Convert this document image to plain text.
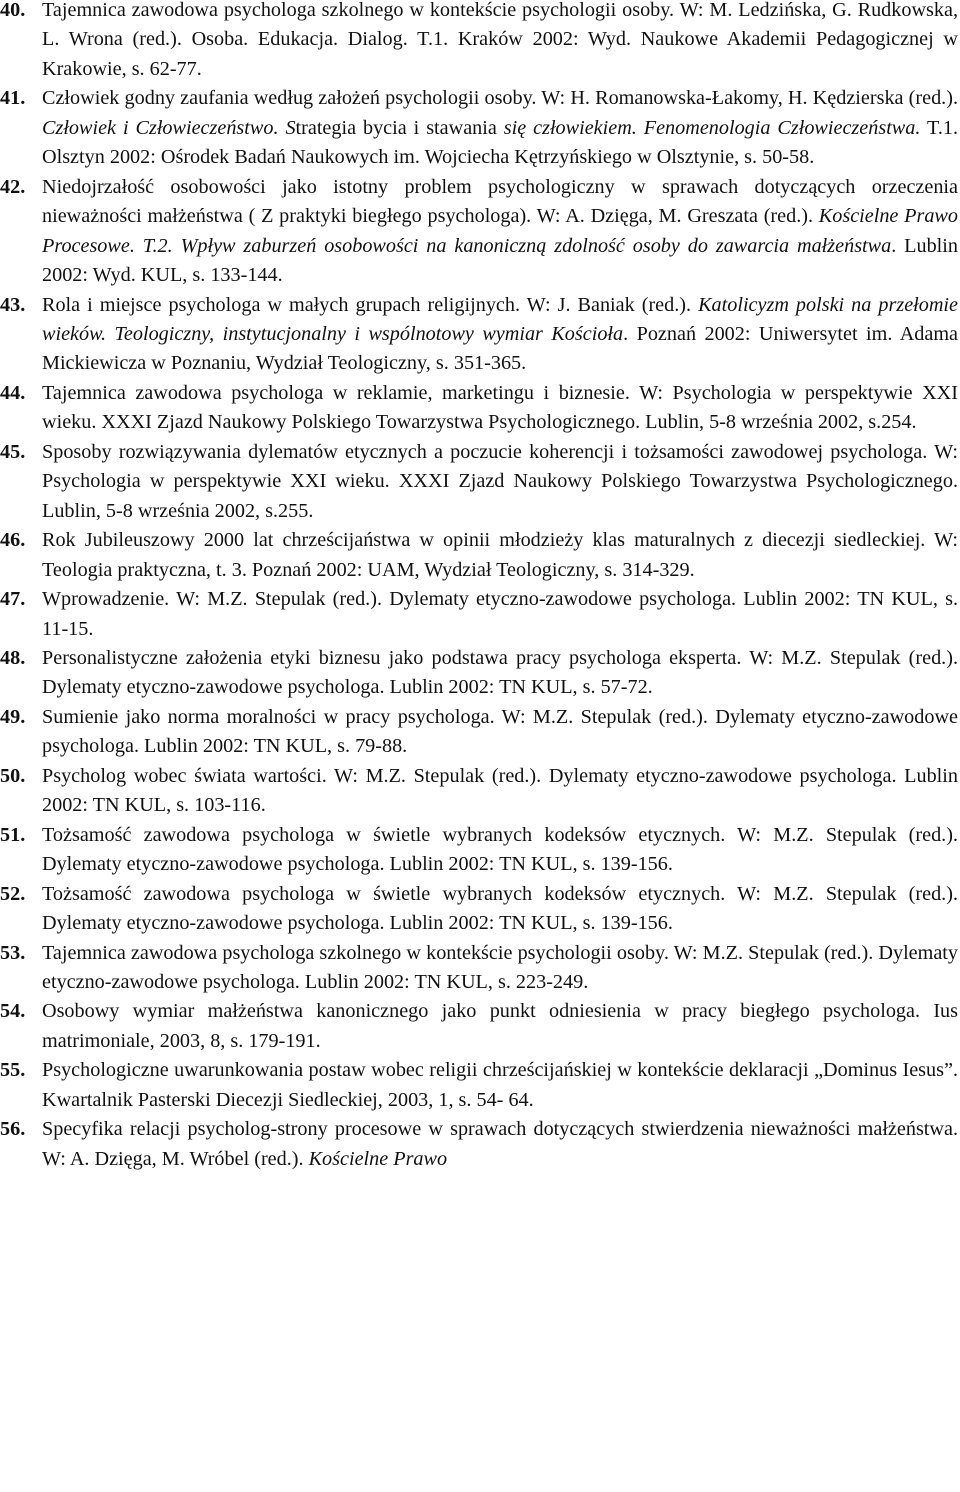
40. Tajemnica zawodowa psychologa szkolnego w kontekście psychologii osoby. W: M. Ledzińska, G. Rudkowska, L. Wrona (red.). Osoba. Edukacja. Dialog. T.1. Kraków 2002: Wyd. Naukowe Akademii Pedagogicznej w Krakowie, s. 62-77.

41. Człowiek godny zaufania według założeń psychologii osoby. W: H. Romanowska-Łakomy, H. Kędzierska (red.). Człowiek i Człowieczeństwo. Strategia bycia i stawania się człowiekiem. Fenomenologia Człowieczeństwa. T.1. Olsztyn 2002: Ośrodek Badań Naukowych im. Wojciecha Kętrzyńskiego w Olsztynie, s. 50-58.

42. Niedojrzałość osobowości jako istotny problem psychologiczny w sprawach dotyczących orzeczenia nieważności małżeństwa ( Z praktyki biegłego psychologa). W: A. Dzięga, M. Greszata (red.). Kościelne Prawo Procesowe. T.2. Wpływ zaburzeń osobowości na kanoniczną zdolność osoby do zawarcia małżeństwa. Lublin 2002: Wyd. KUL, s. 133-144.

43. Rola i miejsce psychologa w małych grupach religijnych. W: J. Baniak (red.). Katolicyzm polski na przełomie wieków. Teologiczny, instytucjonalny i wspólnotowy wymiar Kościoła. Poznań 2002: Uniwersytet im. Adama Mickiewicza w Poznaniu, Wydział Teologiczny, s. 351-365.

44. Tajemnica zawodowa psychologa w reklamie, marketingu i biznesie. W: Psychologia w perspektywie XXI wieku. XXXI Zjazd Naukowy Polskiego Towarzystwa Psychologicznego. Lublin, 5-8 września 2002, s.254.

45. Sposoby rozwiązywania dylematów etycznych a poczucie koherencji i tożsamości zawodowej psychologa. W: Psychologia w perspektywie XXI wieku. XXXI Zjazd Naukowy Polskiego Towarzystwa Psychologicznego. Lublin, 5-8 września 2002, s.255.

46. Rok Jubileuszowy 2000 lat chrześcijaństwa w opinii młodzieży klas maturalnych z diecezji siedleckiej. W: Teologia praktyczna, t. 3. Poznań 2002: UAM, Wydział Teologiczny, s. 314-329.

47. Wprowadzenie. W: M.Z. Stepulak (red.). Dylematy etyczno-zawodowe psychologa. Lublin 2002: TN KUL, s. 11-15.

48. Personalistyczne założenia etyki biznesu jako podstawa pracy psychologa eksperta. W: M.Z. Stepulak (red.). Dylematy etyczno-zawodowe psychologa. Lublin 2002: TN KUL, s. 57-72.

49. Sumienie jako norma moralności w pracy psychologa. W: M.Z. Stepulak (red.). Dylematy etyczno-zawodowe psychologa. Lublin 2002: TN KUL, s. 79-88.

50. Psycholog wobec świata wartości. W: M.Z. Stepulak (red.). Dylematy etyczno-zawodowe psychologa. Lublin 2002: TN KUL, s. 103-116.

51. Tożsamość zawodowa psychologa w świetle wybranych kodeksów etycznych. W: M.Z. Stepulak (red.). Dylematy etyczno-zawodowe psychologa. Lublin 2002: TN KUL, s. 139-156.

52. Tożsamość zawodowa psychologa w świetle wybranych kodeksów etycznych. W: M.Z. Stepulak (red.). Dylematy etyczno-zawodowe psychologa. Lublin 2002: TN KUL, s. 139-156.

53. Tajemnica zawodowa psychologa szkolnego w kontekście psychologii osoby. W: M.Z. Stepulak (red.). Dylematy etyczno-zawodowe psychologa. Lublin 2002: TN KUL, s. 223-249.

54. Osobowy wymiar małżeństwa kanonicznego jako punkt odniesienia w pracy biegłego psychologa. Ius matrimoniale, 2003, 8, s. 179-191.

55. Psychologiczne uwarunkowania postaw wobec religii chrześcijańskiej w kontekście deklaracji „Dominus Iesus”. Kwartalnik Pasterski Diecezji Siedleckiej, 2003, 1, s. 54- 64.

56. Specyfika relacji psycholog-strony procesowe w sprawach dotyczących stwierdzenia nieważności małżeństwa. W: A. Dzięga, M. Wróbel (red.). Kościelne Prawo
